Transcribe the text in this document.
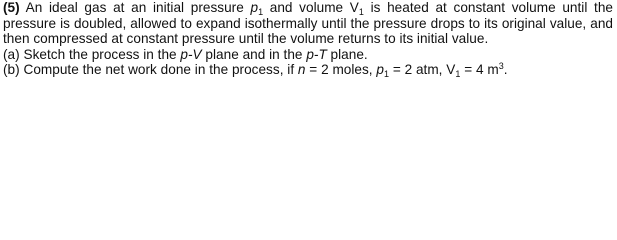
(5) An ideal gas at an initial pressure $p_1$ and volume $V_1$ is heated at constant volume until the pressure is doubled, allowed to expand isothermally until the pressure drops to its original value, and then compressed at constant pressure until the volume returns to its initial value.

(a) Sketch the process in the p-V plane and in the p-T plane.
(b) Compute the net work done in the process, if n = 2 moles, $p_1 = 2$ atm, $V_1 = 4$ $m^3$.
